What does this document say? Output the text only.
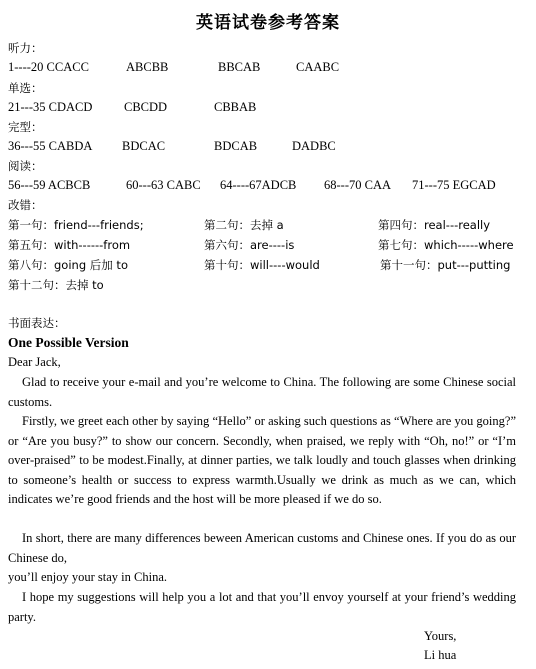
英语试卷参考答案
听力：
1----20 CCACC	ABCBB	BBCAB	CAABC
单选：
21---35 CDACD	CBCDD	CBBAB
完型：
36---55 CABDA BDCAC	BDCAB	DADBC
阅读：
56---59 ACBCB	60---63 CABC 64----67ADCB 68---70 CAA 71---75 EGCAD
改错：
第一句：friend---friends;	第二句：去掉 a	第四句：real---really
第五句：with------from	第六句：are----is	第七句：which-----where
第八句：going 后加 to	第十句：will----would	第十一句：put---putting
第十二句：去掉 to
书面表达：
One Possible Version
Dear Jack,
Glad to receive your e-mail and you’re welcome to China. The following are some Chinese social customs.
Firstly, we greet each other by saying “Hello” or asking such questions as “Where are you going?” or “Are you busy?” to show our concern. Secondly, when praised, we reply with “Oh, no!” or “I’m over-praised” to be modest.Finally, at dinner parties, we talk loudly and touch glasses when drinking to someone’s health or success to express warmth.Usually we drink as much as we can, which indicates we’re good friends and the host will be more pleased if we do so.
In short, there are many differences beween American customs and Chinese ones. If you do as our Chinese do,
you’ll enjoy your stay in China.
I hope my suggestions will help you a lot and that you’ll envoy yourself at your friend’s wedding party.
Yours,
Li hua
